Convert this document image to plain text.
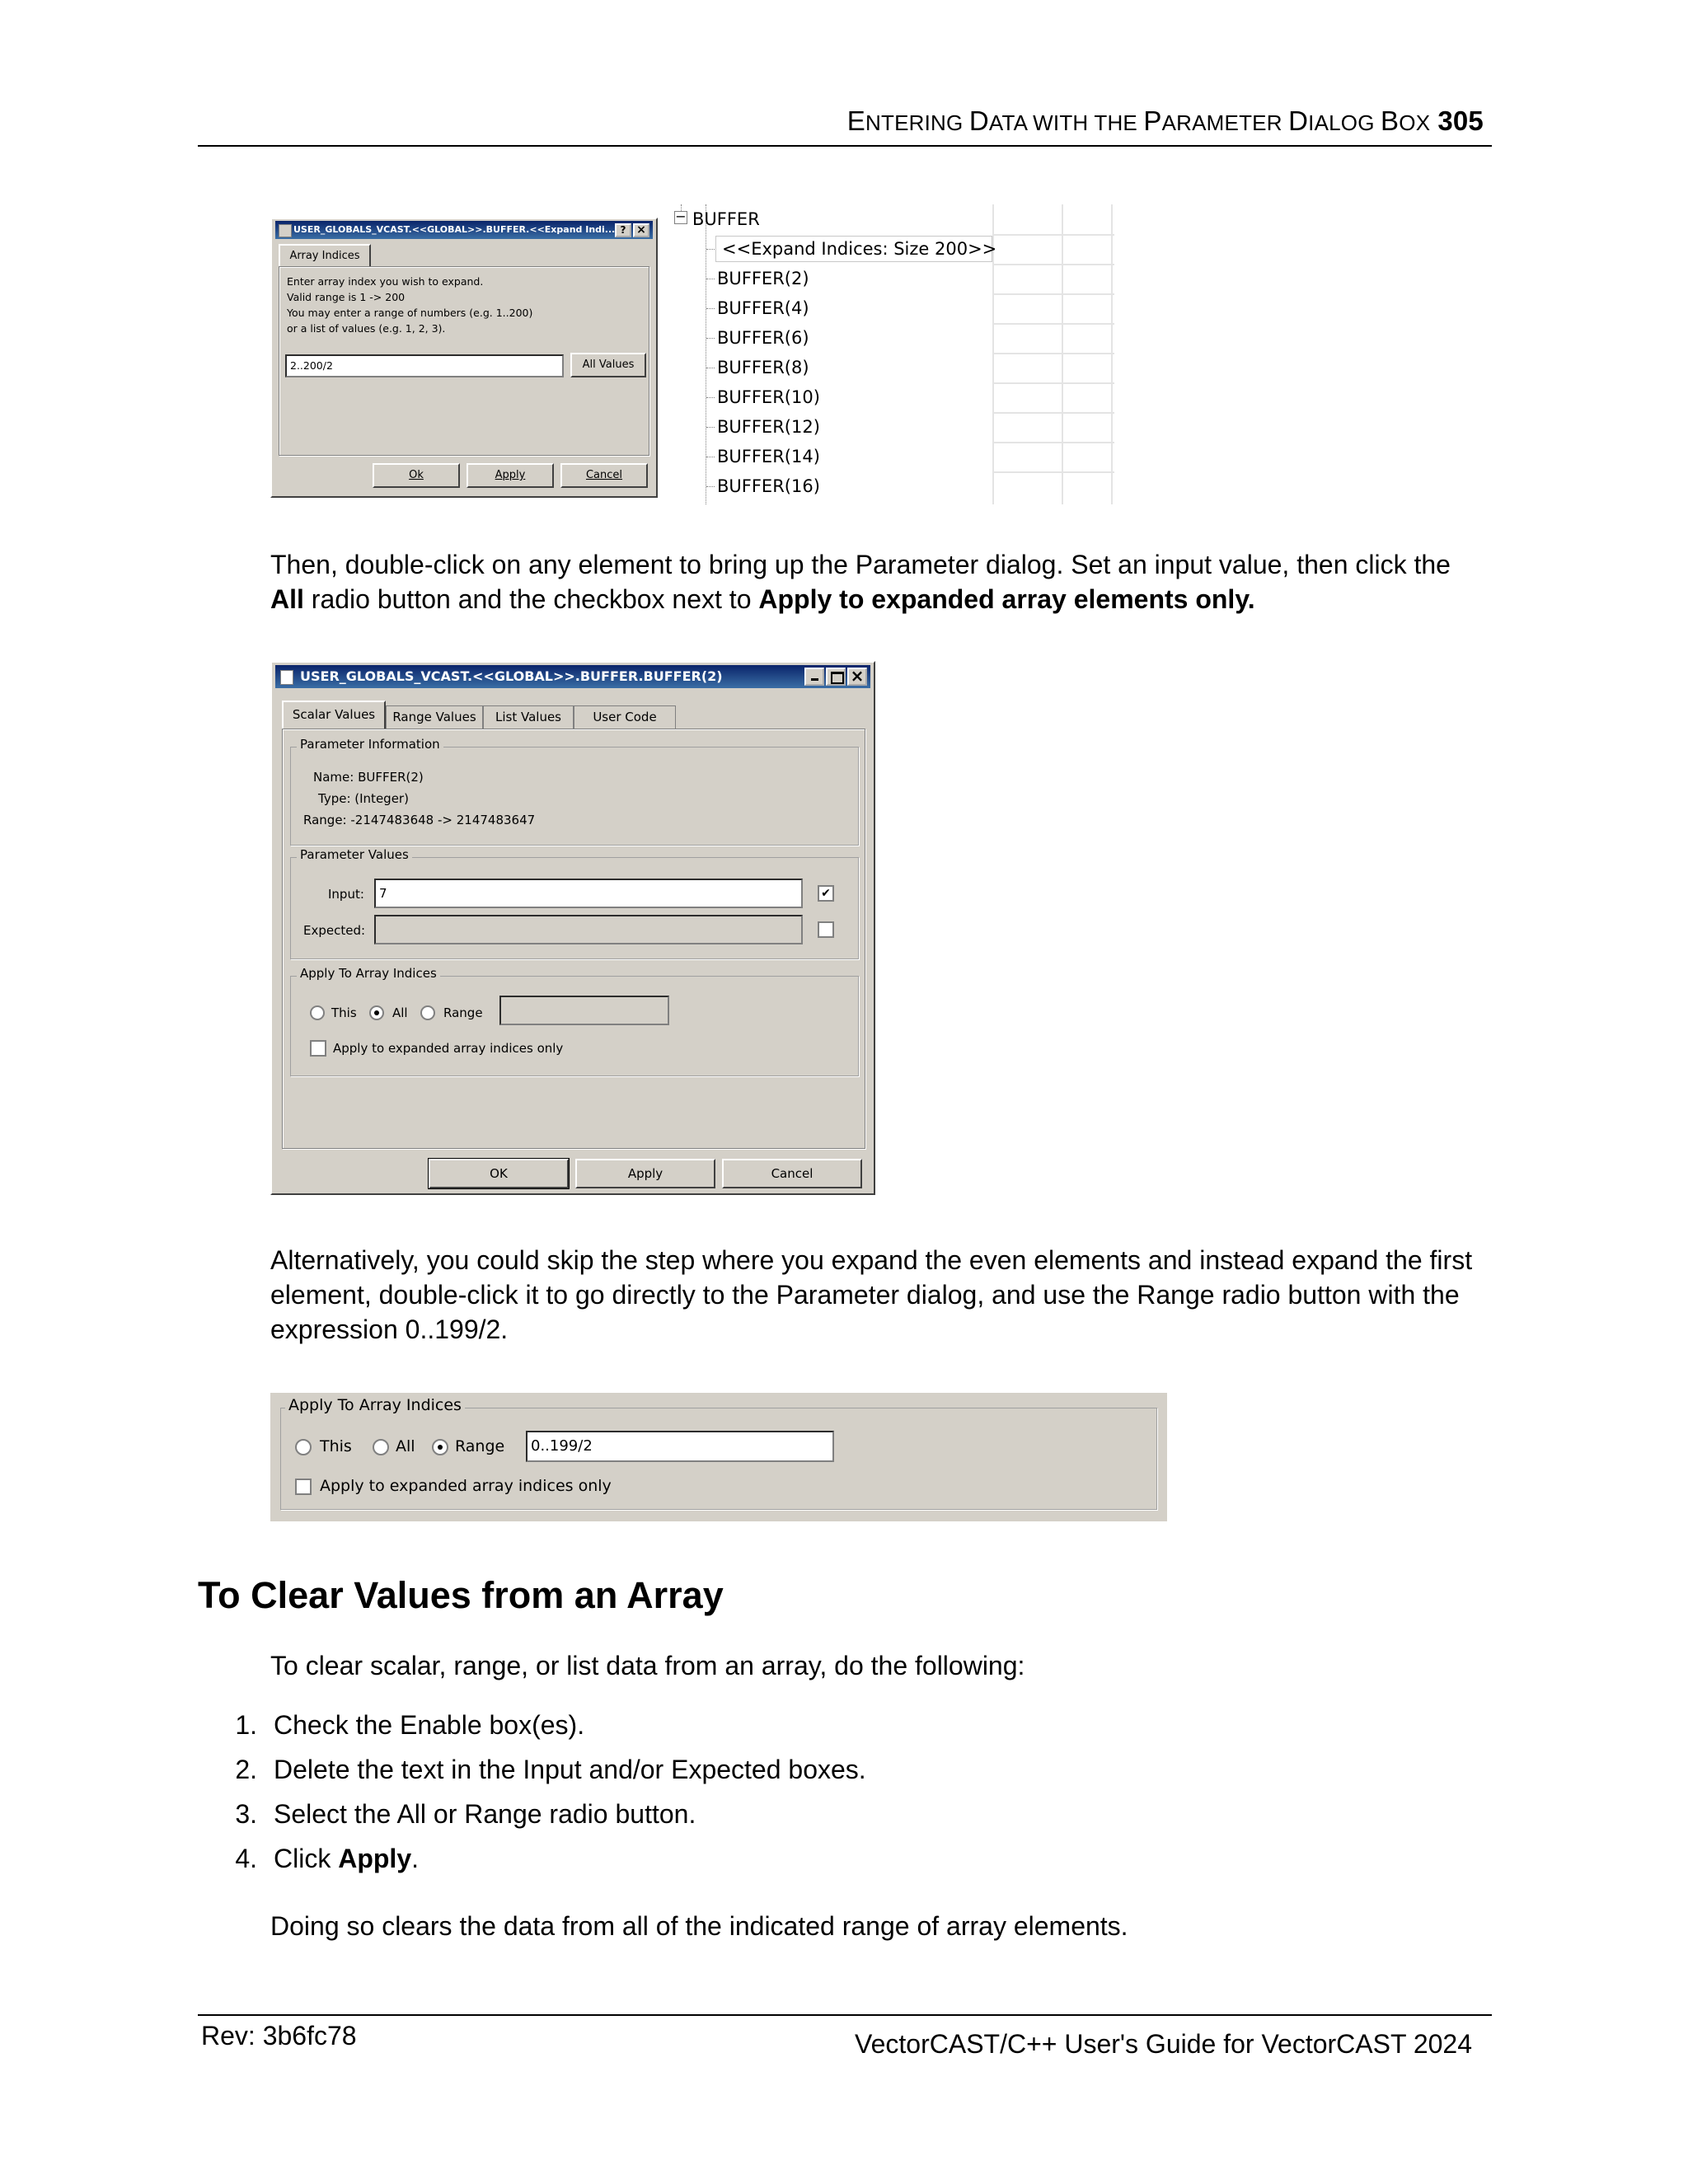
ENTERING DATA WITH THE PARAMETER DIALOG BOX 305
USER_GLOBALS_VCAST.<<GLOBAL>>.BUFFER.<<Expand Indi... ? ×
Array Indices
Enter array index you wish to expand.
Valid range is 1 -> 200
You may enter a range of numbers (e.g. 1..200)
or a list of values (e.g. 1, 2, 3).
2..200/2	All Values
Ok	Apply	Cancel
− BUFFER
<<Expand Indices: Size 200>>
BUFFER(2)
BUFFER(4)
BUFFER(6)
BUFFER(8)
BUFFER(10)
BUFFER(12)
BUFFER(14)
BUFFER(16)
Then, double-click on any element to bring up the Parameter dialog. Set an input value, then click the
All radio button and the checkbox next to Apply to expanded array elements only.
USER_GLOBALS_VCAST.<<GLOBAL>>.BUFFER.BUFFER(2)	×
Scalar Values	Range Values	List Values	User Code
Parameter Information
Name: BUFFER(2)
Type: (Integer)
Range: -2147483648 -> 2147483647
Parameter Values
Input:	7	✔
Expected:
Apply To Array Indices
This	All	Range
Apply to expanded array indices only
OK	Apply	Cancel
Alternatively, you could skip the step where you expand the even elements and instead expand the first
element, double-click it to go directly to the Parameter dialog, and use the Range radio button with the
expression 0..199/2.
Apply To Array Indices
This	All	Range	0..199/2
Apply to expanded array indices only
To Clear Values from an Array
To clear scalar, range, or list data from an array, do the following:
1. Check the Enable box(es).
2. Delete the text in the Input and/or Expected boxes.
3. Select the All or Range radio button.
4. Click Apply.
Doing so clears the data from all of the indicated range of array elements.
Rev: 3b6fc78	VectorCAST/C++ User's Guide for VectorCAST 2024
